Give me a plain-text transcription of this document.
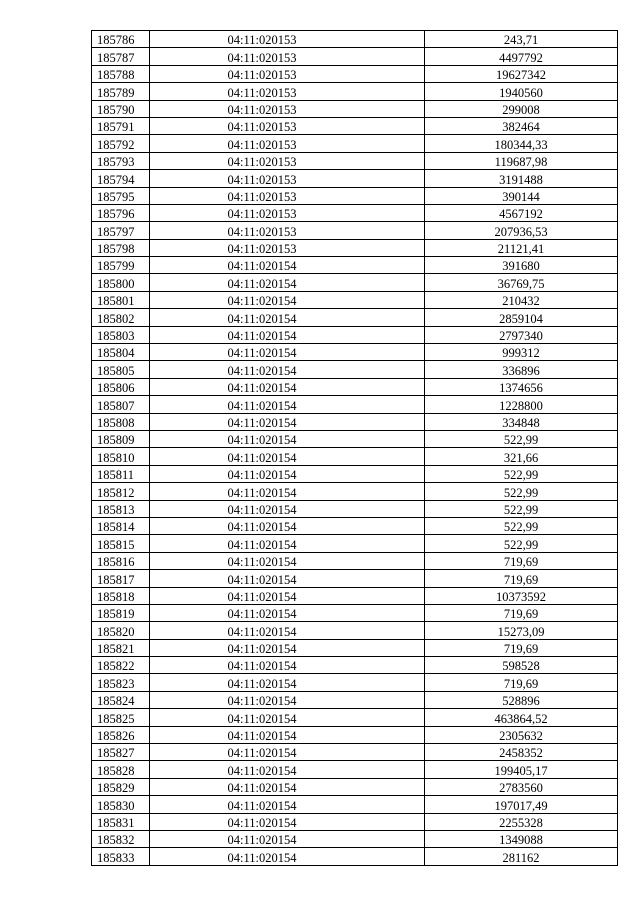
185786	04:11:020153	243,71
185787	04:11:020153	4497792
185788	04:11:020153	19627342
185789	04:11:020153	1940560
185790	04:11:020153	299008
185791	04:11:020153	382464
185792	04:11:020153	180344,33
185793	04:11:020153	119687,98
185794	04:11:020153	3191488
185795	04:11:020153	390144
185796	04:11:020153	4567192
185797	04:11:020153	207936,53
185798	04:11:020153	21121,41
185799	04:11:020154	391680
185800	04:11:020154	36769,75
185801	04:11:020154	210432
185802	04:11:020154	2859104
185803	04:11:020154	2797340
185804	04:11:020154	999312
185805	04:11:020154	336896
185806	04:11:020154	1374656
185807	04:11:020154	1228800
185808	04:11:020154	334848
185809	04:11:020154	522,99
185810	04:11:020154	321,66
185811	04:11:020154	522,99
185812	04:11:020154	522,99
185813	04:11:020154	522,99
185814	04:11:020154	522,99
185815	04:11:020154	522,99
185816	04:11:020154	719,69
185817	04:11:020154	719,69
185818	04:11:020154	10373592
185819	04:11:020154	719,69
185820	04:11:020154	15273,09
185821	04:11:020154	719,69
185822	04:11:020154	598528
185823	04:11:020154	719,69
185824	04:11:020154	528896
185825	04:11:020154	463864,52
185826	04:11:020154	2305632
185827	04:11:020154	2458352
185828	04:11:020154	199405,17
185829	04:11:020154	2783560
185830	04:11:020154	197017,49
185831	04:11:020154	2255328
185832	04:11:020154	1349088
185833	04:11:020154	281162
